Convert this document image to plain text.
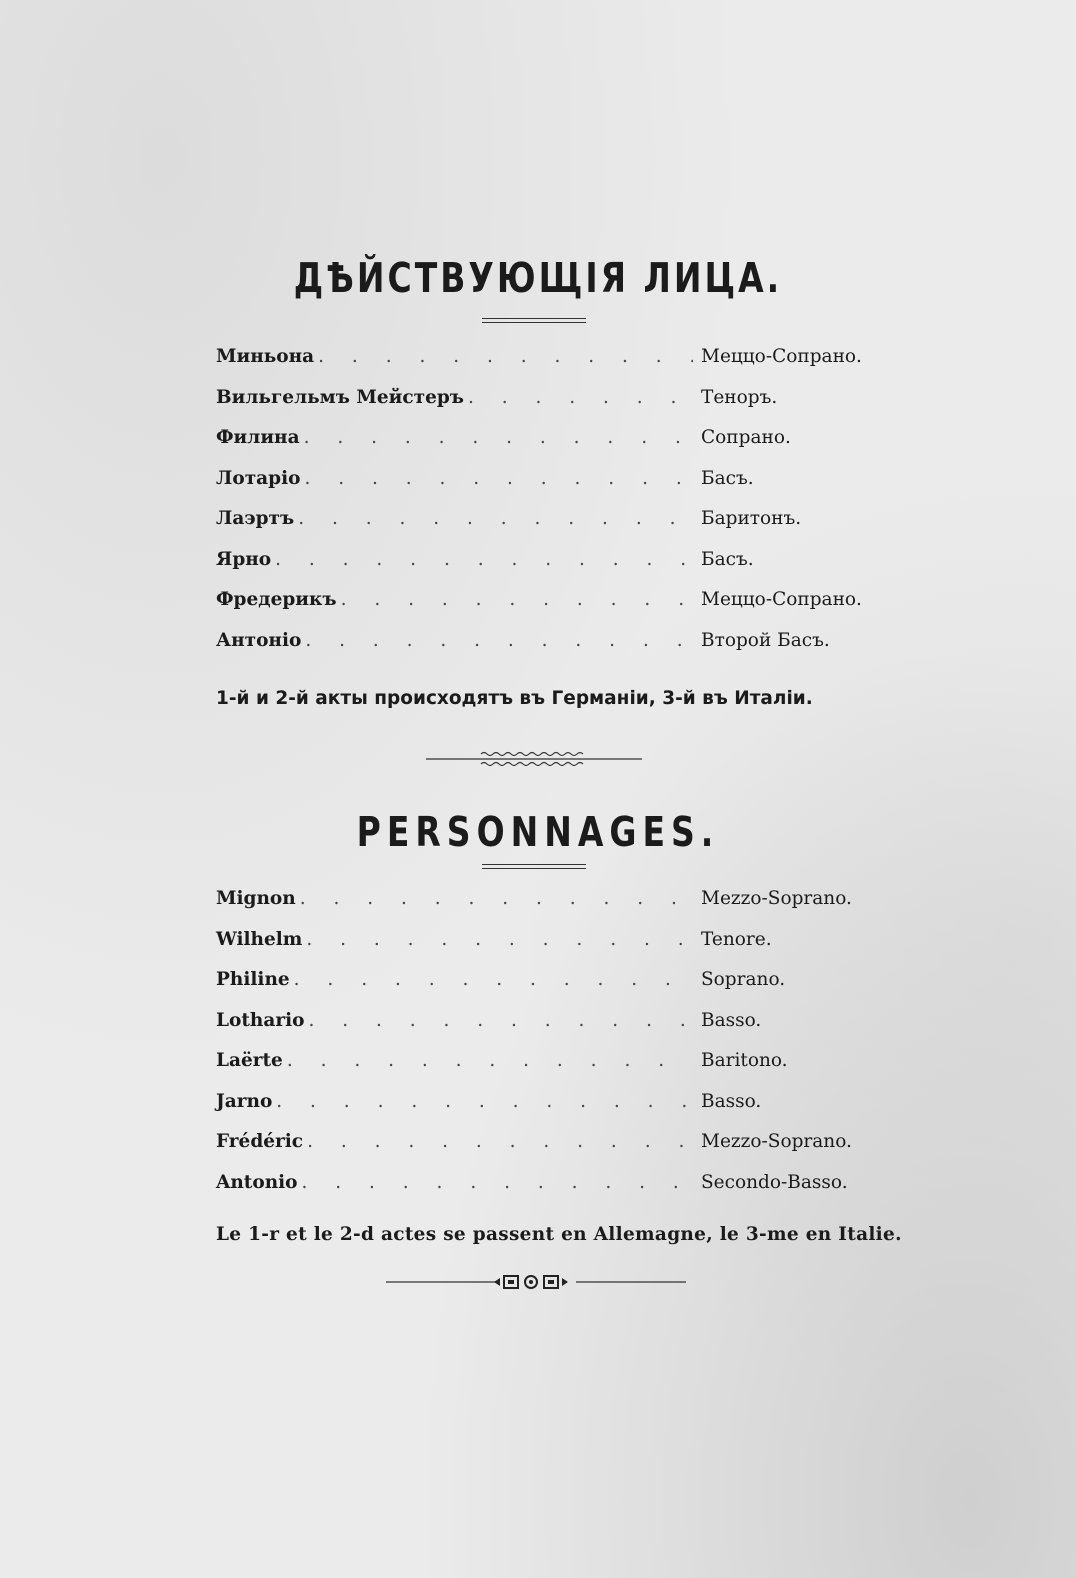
ДѢЙСТВУЮЩІЯ ЛИЦА.
Миньона . . .	Меццо-Сопрано.
Вильгельмъ Мейстеръ . . .	Теноръ.
Филина . . .	Сопрано.
Лотаріо . . .	Басъ.
Лаэртъ . . .	Баритонъ.
Ярно . . .	Басъ.
Фредерикъ . . .	Меццо-Сопрано.
Антоніо . . .	Второй Басъ.
1-й и 2-й акты происходятъ въ Германіи, 3-й въ Италіи.
PERSONNAGES.
Mignon . . .	Mezzo-Soprano.
Wilhelm . . .	Tenore.
Philine . . .	Soprano.
Lothario . . .	Basso.
Laërte . . .	Baritono.
Jarno . . .	Basso.
Frédéric . . .	Mezzo-Soprano.
Antonio . . .	Secondo-Basso.
Le 1-r et le 2-d actes se passent en Allemagne, le 3-me en Italie.
